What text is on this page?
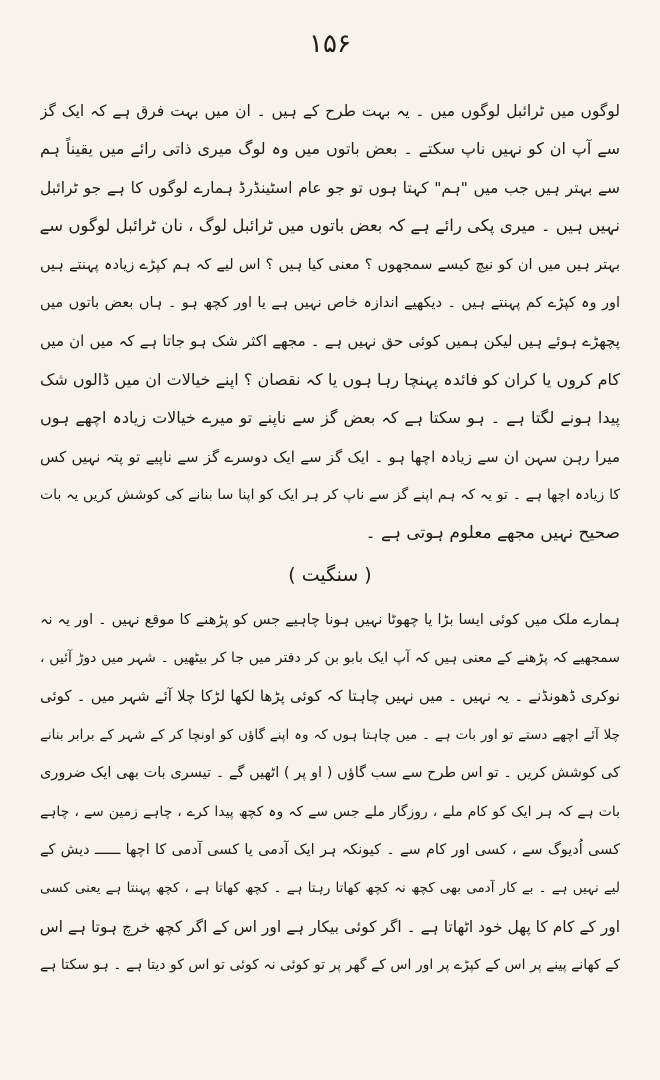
۱۵۶
لوگوں میں ٹرائبل لوگوں میں ۔ یہ بہت طرح کے ہیں ۔ ان میں بہت فرق ہے کہ ایک گز
سے آپ ان کو نہیں ناپ سکتے ۔ بعض باتوں میں وہ لوگ میری ذاتی رائے میں یقیناً ہم
سے بہتر ہیں جب میں "ہم" کہتا ہوں تو جو عام اسٹینڈرڈ ہمارے لوگوں کا ہے جو ٹرائبل
نہیں ہیں ۔ میری پکی رائے ہے کہ بعض باتوں میں ٹرائبل لوگ ، نان ٹرائبل لوگوں سے
بہتر ہیں میں ان کو نیچ کیسے سمجھوں ؟ معنی کیا ہیں ؟ اس لیے کہ ہم کپڑے زیادہ پہنتے ہیں
اور وہ کپڑے کم پہنتے ہیں ۔ دیکھیے اندازہ خاص نہیں ہے یا اور کچھ ہو ۔ ہاں بعض باتوں میں
پچھڑے ہوئے ہیں لیکن ہمیں کوئی حق نہیں ہے ۔ مجھے اکثر شک ہو جاتا ہے کہ میں ان میں
کام کروں یا کران کو فائدہ پہنچا رہا ہوں یا کہ نقصان ؟ اپنے خیالات ان میں ڈالوں شک
پیدا ہونے لگتا ہے ۔ ہو سکتا ہے کہ بعض گز سے ناپنے تو میرے خیالات زیادہ اچھے ہوں
میرا رہن سہن ان سے زیادہ اچھا ہو ۔ ایک گز سے ایک دوسرے گز سے ناپیے تو پتہ نہیں کس
کا زیادہ اچھا ہے ۔ تو یہ کہ ہم اپنے گز سے ناپ کر ہر ایک کو اپنا سا بنانے کی کوشش کریں یہ بات
صحیح نہیں مجھے معلوم ہوتی ہے ۔
( سنگیت )
ہمارے ملک میں کوئی ایسا بڑا یا چھوٹا نہیں ہونا چاہیے جس کو پڑھنے کا موقع نہیں ۔ اور یہ نہ
سمجھیے کہ پڑھنے کے معنی ہیں کہ آپ ایک بابو بن کر دفتر میں جا کر بیٹھیں ۔ شہر میں دوڑ آئیں ،
نوکری ڈھونڈنے ۔ یہ نہیں ۔ میں نہیں چاہتا کہ کوئی پڑھا لکھا لڑکا چلا آئے شہر میں ۔ کوئی
چلا آئے اچھے دستے تو اور بات ہے ۔ میں چاہتا ہوں کہ وہ اپنے گاؤں کو اونچا کر کے شہر کے برابر بنانے
کی کوشش کریں ۔ تو اس طرح سے سب گاؤں ( او پر ) اٹھیں گے ۔ تیسری بات بھی ایک ضروری
بات ہے کہ ہر ایک کو کام ملے ، روزگار ملے جس سے کہ وہ کچھ پیدا کرے ، چاہے زمین سے ، چاہے
کسی اُدیوگ سے ، کسی اور کام سے ۔ کیونکہ ہر ایک آدمی یا کسی آدمی کا اچھا ــــــ دیش کے
لیے نہیں ہے ۔ بے کار آدمی بھی کچھ نہ کچھ کھاتا رہتا ہے ۔ کچھ کھاتا ہے ، کچھ پہنتا ہے یعنی کسی
اور کے کام کا پھل خود اٹھاتا ہے ۔ اگر کوئی بیکار ہے اور اس کے اگر کچھ خرچ ہوتا ہے اس
کے کھانے پینے پر اس کے کپڑے پر اور اس کے گھر پر تو کوئی نہ کوئی تو اس کو دیتا ہے ۔ ہو سکتا ہے
